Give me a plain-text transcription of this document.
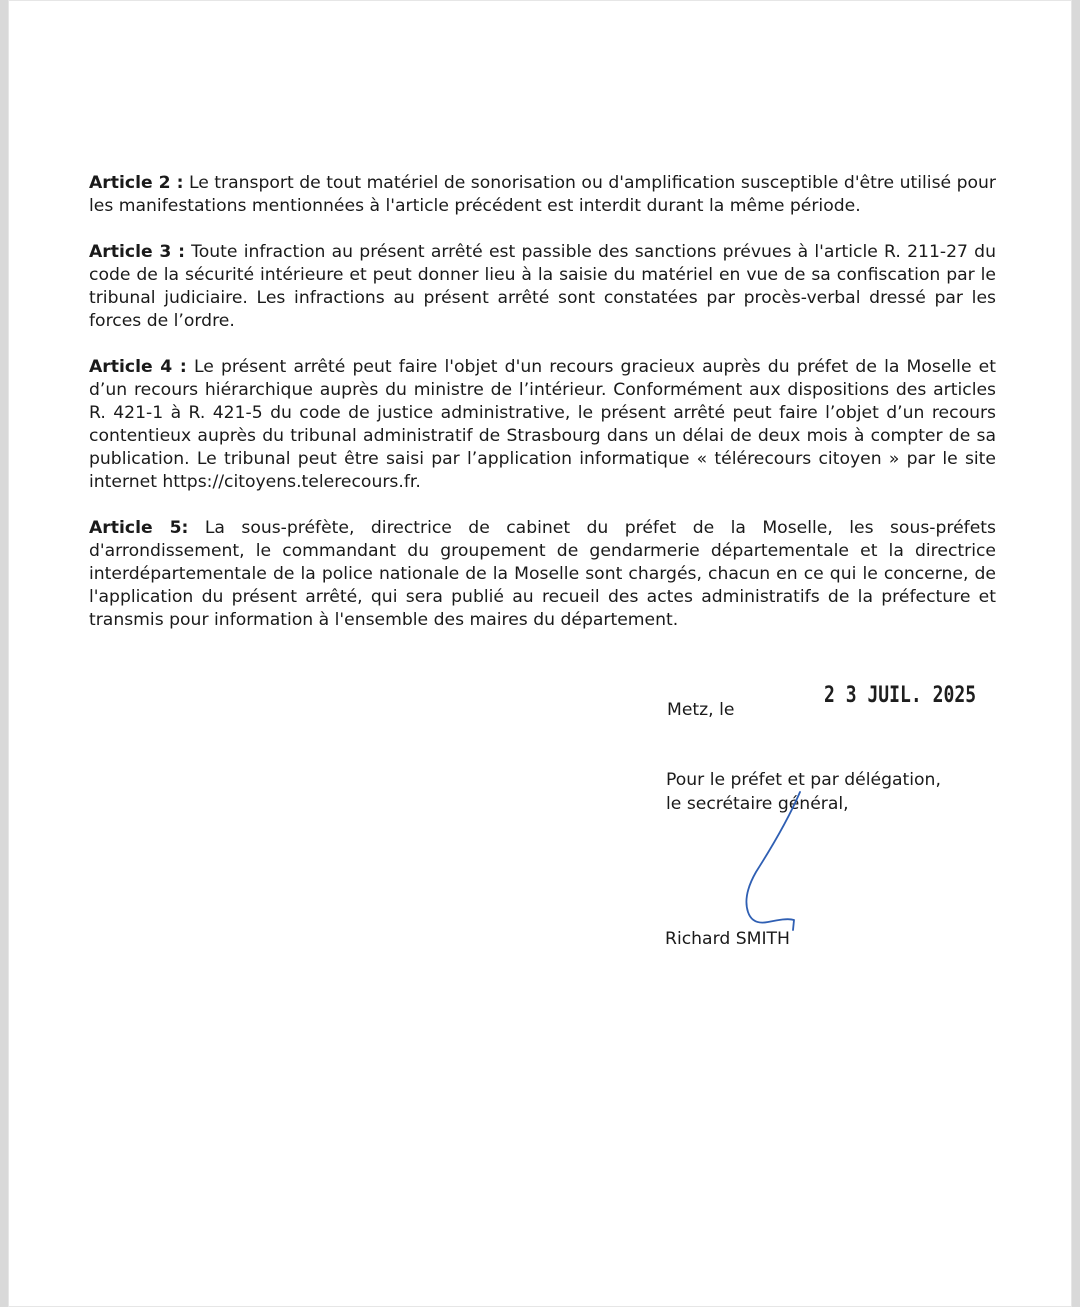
Article 2 : Le transport de tout matériel de sonorisation ou d'amplification susceptible d'être utilisé pour les manifestations mentionnées à l'article précédent est interdit durant la même période.

Article 3 : Toute infraction au présent arrêté est passible des sanctions prévues à l'article R. 211-27 du code de la sécurité intérieure et peut donner lieu à la saisie du matériel en vue de sa confiscation par le tribunal judiciaire. Les infractions au présent arrêté sont constatées par procès-verbal dressé par les forces de l’ordre.

Article 4 : Le présent arrêté peut faire l'objet d'un recours gracieux auprès du préfet de la Moselle et d’un recours hiérarchique auprès du ministre de l’intérieur. Conformément aux dispositions des articles R. 421-1 à R. 421-5 du code de justice administrative, le présent arrêté peut faire l’objet d’un recours contentieux auprès du tribunal administratif de Strasbourg dans un délai de deux mois à compter de sa publication. Le tribunal peut être saisi par l’application informatique « télérecours citoyen » par le site internet https://citoyens.telerecours.fr.

Article 5: La sous-préfète, directrice de cabinet du préfet de la Moselle, les sous-préfets d'arrondissement, le commandant du groupement de gendarmerie départementale et la directrice interdépartementale de la police nationale de la Moselle sont chargés, chacun en ce qui le concerne, de l'application du présent arrêté, qui sera publié au recueil des actes administratifs de la préfecture et transmis pour information à l'ensemble des maires du département.

Metz, le
2 3 JUIL. 2025
Pour le préfet et par délégation,
le secrétaire général,
Richard SMITH
